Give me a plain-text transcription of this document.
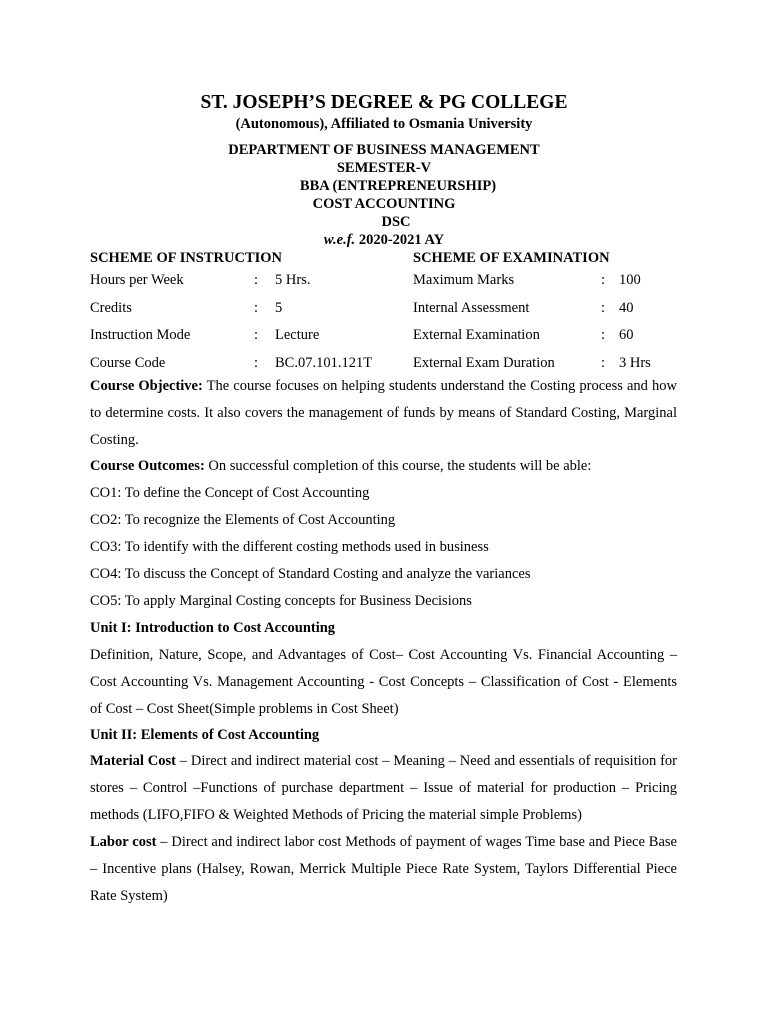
ST. JOSEPH’S DEGREE & PG COLLEGE
(Autonomous), Affiliated to Osmania University
DEPARTMENT OF BUSINESS MANAGEMENT
SEMESTER-V
BBA (ENTREPRENEURSHIP)
COST ACCOUNTING
DSC
w.e.f. 2020-2021 AY
SCHEME OF INSTRUCTION	SCHEME OF EXAMINATION
Hours per Week	: 5 Hrs.	Maximum Marks	: 100
Credits	: 5	Internal Assessment	: 40
Instruction Mode	: Lecture	External Examination	: 60
Course Code	: BC.07.101.121T	External Exam Duration	: 3 Hrs
Course Objective: The course focuses on helping students understand the Costing process and how to determine costs. It also covers the management of funds by means of Standard Costing, Marginal Costing.
Course Outcomes: On successful completion of this course, the students will be able:
CO1: To define the Concept of Cost Accounting
CO2: To recognize the Elements of Cost Accounting
CO3: To identify with the different costing methods used in business
CO4: To discuss the Concept of Standard Costing and analyze the variances
CO5: To apply Marginal Costing concepts for Business Decisions
Unit I: Introduction to Cost Accounting
Definition, Nature, Scope, and Advantages of Cost– Cost Accounting Vs. Financial Accounting – Cost Accounting Vs. Management Accounting - Cost Concepts – Classification of Cost - Elements of Cost – Cost Sheet(Simple problems in Cost Sheet)
Unit II: Elements of Cost Accounting
Material Cost – Direct and indirect material cost – Meaning – Need and essentials of requisition for stores – Control –Functions of purchase department – Issue of material for production – Pricing methods (LIFO,FIFO & Weighted Methods of Pricing the material simple Problems)
Labor cost – Direct and indirect labor cost Methods of payment of wages Time base and Piece Base – Incentive plans (Halsey, Rowan, Merrick Multiple Piece Rate System, Taylors Differential Piece Rate System)
